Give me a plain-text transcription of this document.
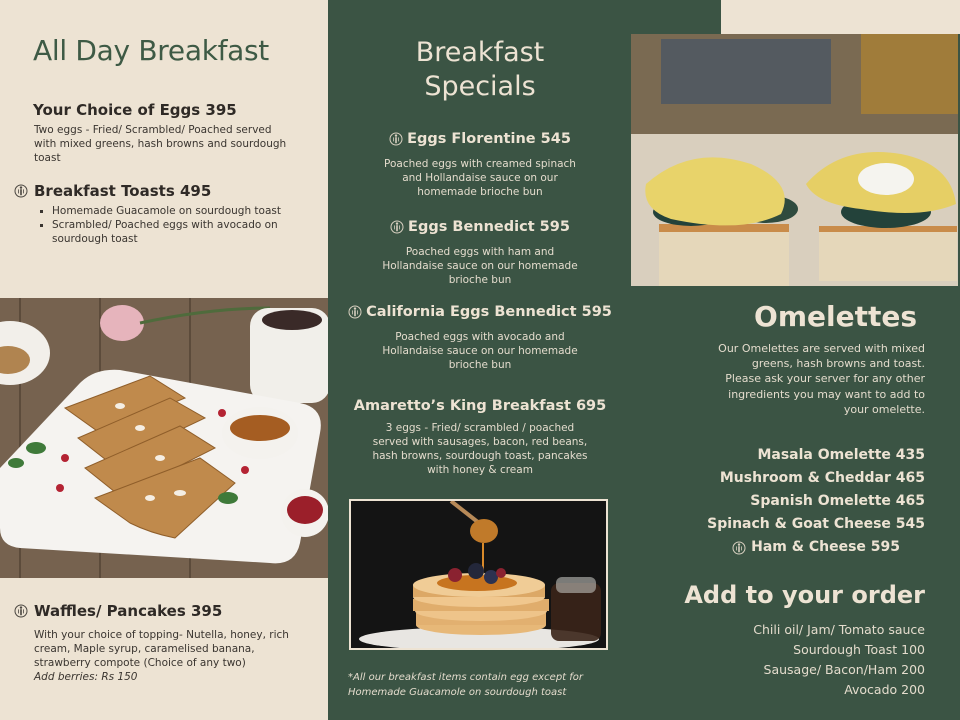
All Day Breakfast
Your Choice of Eggs 395
Two eggs - Fried/ Scrambled/ Poached served with mixed greens, hash browns and sourdough toast
Breakfast Toasts 495
Homemade Guacamole on sourdough toast
Scrambled/ Poached eggs with avocado on sourdough toast
Waffles/ Pancakes 395
With your choice of topping- Nutella, honey, rich cream, Maple syrup, caramelised banana, strawberry compote (Choice of any two)
Add berries: Rs 150
Breakfast
Specials
Eggs Florentine 545
Poached eggs with creamed spinach and Hollandaise sauce on our homemade brioche bun
Eggs Bennedict 595
Poached eggs with ham and Hollandaise sauce on our homemade brioche bun
California Eggs Bennedict 595
Poached eggs with avocado and Hollandaise sauce on our homemade brioche bun
Amaretto’s King Breakfast 695
3 eggs - Fried/ scrambled / poached served with sausages, bacon, red beans, hash browns, sourdough toast, pancakes with honey & cream
*All our breakfast items contain egg except for Homemade Guacamole on sourdough toast
Omelettes
Our Omelettes are served with mixed greens, hash browns and toast. Please ask your server for any other ingredients you may want to add to your omelette.
Masala Omelette 435
Mushroom & Cheddar 465
Spanish Omelette 465
Spinach & Goat Cheese 545
Ham & Cheese 595
Add to your order
Chili oil/ Jam/ Tomato sauce
Sourdough Toast 100
Sausage/ Bacon/Ham 200
Avocado 200
